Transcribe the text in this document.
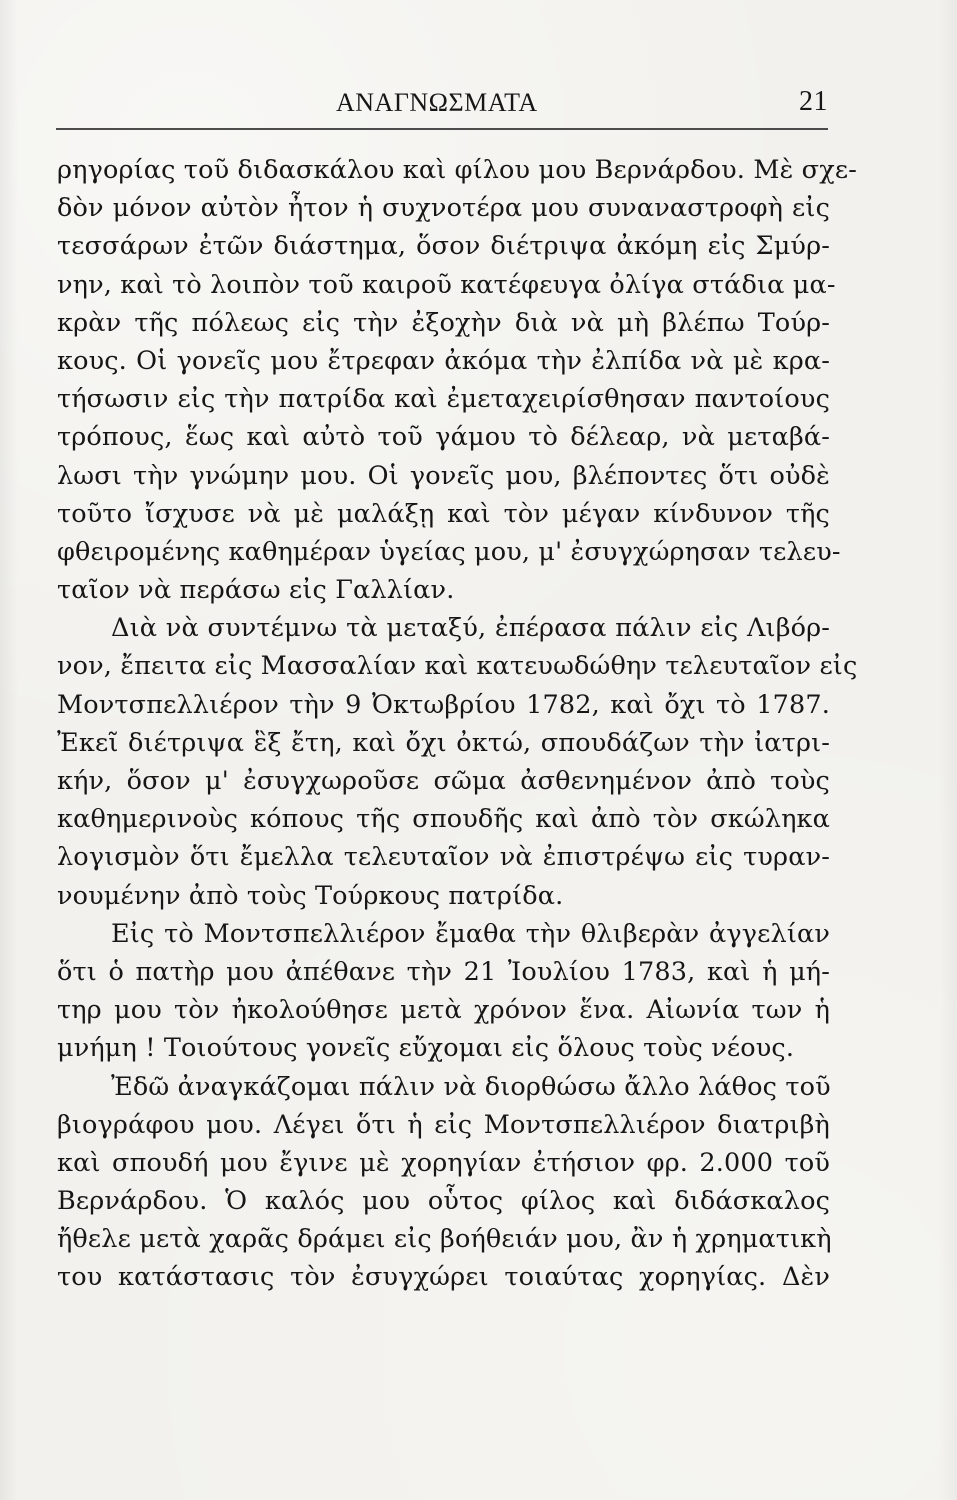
ΑΝΑΓΝΩΣΜΑΤΑ	21
ρηγορίας τοῦ διδασκάλου καὶ φίλου μου Βερνάρδου. Μὲ σχε-
δὸν μόνον αὐτὸν ἦτον ἡ συχνοτέρα μου συναναστροφὴ εἰς
τεσσάρων ἐτῶν διάστημα, ὅσον διέτριψα ἀκόμη εἰς Σμύρ-
νην, καὶ τὸ λοιπὸν τοῦ καιροῦ κατέφευγα ὀλίγα στάδια μα-
κρὰν τῆς πόλεως εἰς τὴν ἐξοχὴν διὰ νὰ μὴ βλέπω Τούρ-
κους. Οἱ γονεῖς μου ἔτρεφαν ἀκόμα τὴν ἐλπίδα νὰ μὲ κρα-
τήσωσιν εἰς τὴν πατρίδα καὶ ἐμεταχειρίσθησαν παντοίους
τρόπους, ἕως καὶ αὐτὸ τοῦ γάμου τὸ δέλεαρ, νὰ μεταβά-
λωσι τὴν γνώμην μου. Οἱ γονεῖς μου, βλέποντες ὅτι οὐδὲ
τοῦτο ἴσχυσε νὰ μὲ μαλάξῃ καὶ τὸν μέγαν κίνδυνον τῆς
φθειρομένης καθημέραν ὑγείας μου, μ' ἐσυγχώρησαν τελευ-
ταῖον νὰ περάσω εἰς Γαλλίαν.
Διὰ νὰ συντέμνω τὰ μεταξύ, ἐπέρασα πάλιν εἰς Λιβόρ-
νον, ἔπειτα εἰς Μασσαλίαν καὶ κατευωδώθην τελευταῖον εἰς
Μοντσπελλιέρον τὴν 9 Ὀκτωβρίου 1782, καὶ ὄχι τὸ 1787.
Ἐκεῖ διέτριψα ἓξ ἔτη, καὶ ὄχι ὀκτώ, σπουδάζων τὴν ἰατρι-
κήν, ὅσον μ' ἐσυγχωροῦσε σῶμα ἀσθενημένον ἀπὸ τοὺς
καθημερινοὺς κόπους τῆς σπουδῆς καὶ ἀπὸ τὸν σκώληκα
λογισμὸν ὅτι ἔμελλα τελευταῖον νὰ ἐπιστρέψω εἰς τυραν-
νουμένην ἀπὸ τοὺς Τούρκους πατρίδα.
Εἰς τὸ Μοντσπελλιέρον ἔμαθα τὴν θλιβερὰν ἀγγελίαν
ὅτι ὁ πατὴρ μου ἀπέθανε τὴν 21 Ἰουλίου 1783, καὶ ἡ μή-
τηρ μου τὸν ἠκολούθησε μετὰ χρόνον ἕνα. Αἰωνία των ἡ
μνήμη ! Τοιούτους γονεῖς εὔχομαι εἰς ὅλους τοὺς νέους.
Ἐδῶ ἀναγκάζομαι πάλιν νὰ διορθώσω ἄλλο λάθος τοῦ
βιογράφου μου. Λέγει ὅτι ἡ εἰς Μοντσπελλιέρον διατριβὴ
καὶ σπουδή μου ἔγινε μὲ χορηγίαν ἐτήσιον φρ. 2.000 τοῦ
Βερνάρδου. Ὁ καλός μου οὗτος φίλος καὶ διδάσκαλος
ἤθελε μετὰ χαρᾶς δράμει εἰς βοήθειάν μου, ἂν ἡ χρηματικὴ
του κατάστασις τὸν ἐσυγχώρει τοιαύτας χορηγίας. Δὲν
